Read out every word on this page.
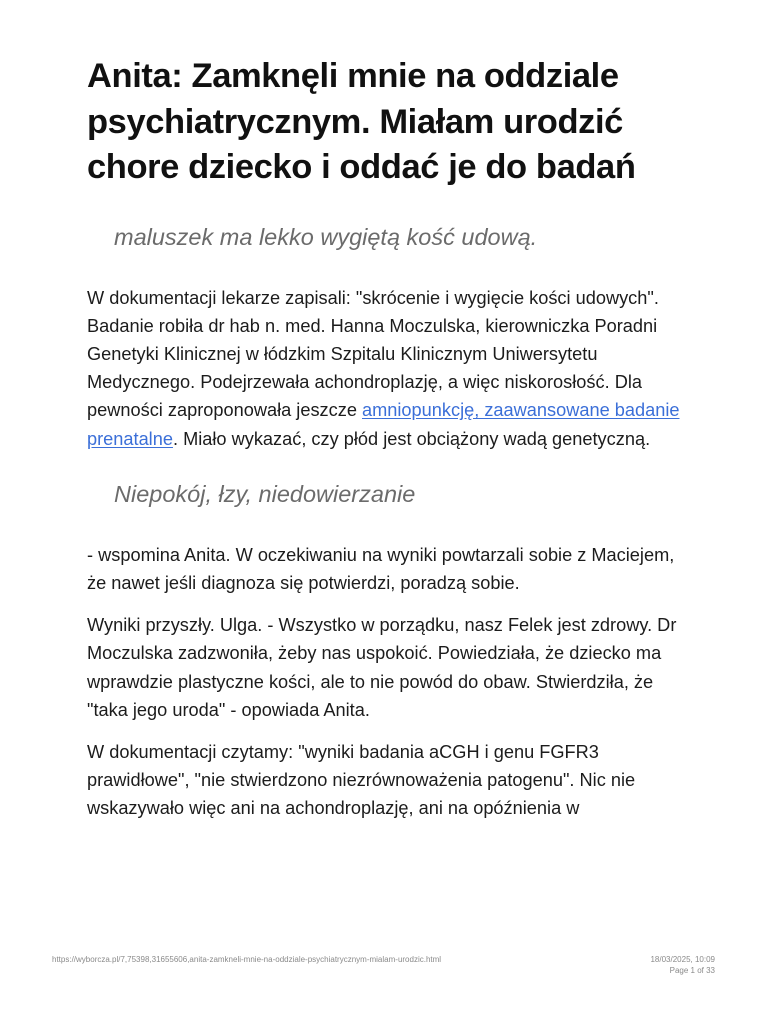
Anita: Zamknęli mnie na oddziale psychiatrycznym. Miałam urodzić chore dziecko i oddać je do badań
maluszek ma lekko wygiętą kość udową.

W dokumentacji lekarze zapisali: "skrócenie i wygięcie kości udowych". Badanie robiła dr hab n. med. Hanna Moczulska, kierowniczka Poradni Genetyki Klinicznej w łódzkim Szpitalu Klinicznym Uniwersytetu Medycznego. Podejrzewała achondroplazję, a więc niskorosłość. Dla pewności zaproponowała jeszcze amniopunkcję, zaawansowane badanie prenatalne. Miało wykazać, czy płód jest obciążony wadą genetyczną.

Niepokój, łzy, niedowierzanie

- wspomina Anita. W oczekiwaniu na wyniki powtarzali sobie z Maciejem, że nawet jeśli diagnoza się potwierdzi, poradzą sobie.

Wyniki przyszły. Ulga. - Wszystko w porządku, nasz Felek jest zdrowy. Dr Moczulska zadzwoniła, żeby nas uspokoić. Powiedziała, że dziecko ma wprawdzie plastyczne kości, ale to nie powód do obaw. Stwierdziła, że "taka jego uroda" - opowiada Anita.

W dokumentacji czytamy: "wyniki badania aCGH i genu FGFR3 prawidłowe", "nie stwierdzono niezrównoważenia patogenu". Nic nie wskazywało więc ani na achondroplazję, ani na opóźnienia w

https://wyborcza.pl/7,75398,31655606,anita-zamkneli-mnie-na-oddziale-psychiatrycznym-mialam-urodzic.html	18/03/2025, 10:09
Page 1 of 33
